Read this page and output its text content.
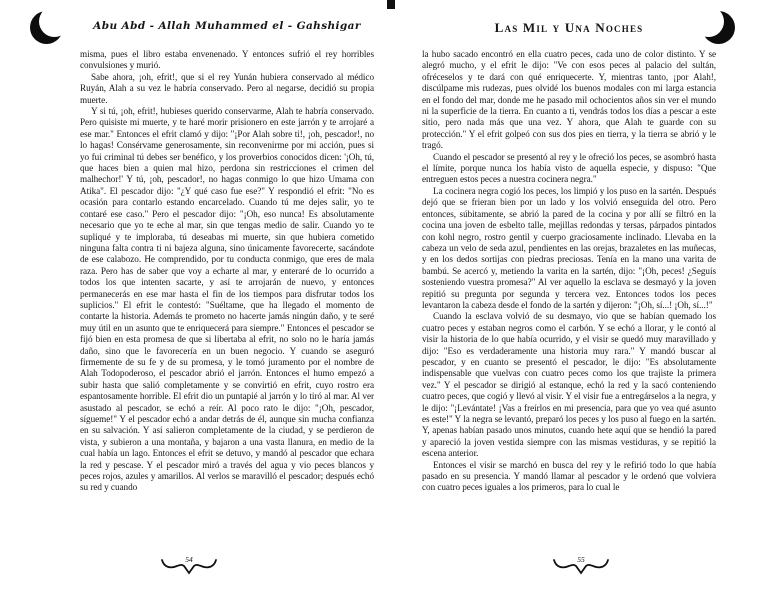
Abu Abd - Allah Muhammed el - Gahshigar

misma, pues el libro estaba envenenado. Y entonces sufrió el rey horribles convulsiones y murió.

Sabe ahora, ¡oh, efrit!, que si el rey Yunán hubiera conservado al médico Ruyán, Alah a su vez le habría conservado. Pero al negarse, decidió su propia muerte.

Y si tú, ¡oh, efrit!, hubieses querido conservarme, Alah te habría conservado. Pero quisiste mi muerte, y te haré morir prisionero en este jarrón y te arrojaré a ese mar." Entonces el efrit clamó y dijo: "¡Por Alah sobre ti!, ¡oh, pescador!, no lo hagas! Consérvame generosamente, sin reconvenirme por mi acción, pues si yo fui criminal tú debes ser benéfico, y los proverbios conocidos dicen: '¡Oh, tú, que haces bien a quien mal hizo, perdona sin restricciones el crimen del malhechor!' Y tú, ¡oh, pescador!, no hagas conmigo lo que hizo Umama con Atika". El pescador dijo: "¿Y qué caso fue ese?" Y respondió el efrit: "No es ocasión para contarlo estando encarcelado. Cuando tú me dejes salir, yo te contaré ese caso." Pero el pescador dijo: "¡Oh, eso nunca! Es absolutamente necesario que yo te eche al mar, sin que tengas medio de salir. Cuando yo te supliqué y te imploraba, tú deseabas mi muerte, sin que hubiera cometido ninguna falta contra ti ni bajeza alguna, sino únicamente favorecerte, sacándote de ese calabozo. He comprendido, por tu conducta conmigo, que eres de mala raza. Pero has de saber que voy a echarte al mar, y enteraré de lo ocurrido a todos los que intenten sacarte, y así te arrojarán de nuevo, y entonces permanecerás en ese mar hasta el fin de los tiempos para disfrutar todos los suplicios." El efrit le contestó: "Suéltame, que ha llegado el momento de contarte la historia. Además te prometo no hacerte jamás ningún daño, y te seré muy útil en un asunto que te enriquecerá para siempre." Entonces el pescador se fijó bien en esta promesa de que si libertaba al efrit, no solo no le haría jamás daño, sino que le favorecería en un buen negocio. Y cuando se aseguró firmemente de su fe y de su promesa, y le tomó juramento por el nombre de Alah Todopoderoso, el pescador abrió el jarrón. Entonces el humo empezó a subir hasta que salió completamente y se convirtió en efrit, cuyo rostro era espantosamente horrible. El efrit dio un puntapié al jarrón y lo tiró al mar. Al ver asustado al pescador, se echó a reír. Al poco rato le dijo: "¡Oh, pescador, sígueme!" Y el pescador echó a andar detrás de él, aunque sin mucha confianza en su salvación. Y así salieron completamente de la ciudad, y se perdieron de vista, y subieron a una montaña, y bajaron a una vasta llanura, en medio de la cual había un lago. Entonces el efrit se detuvo, y mandó al pescador que echara la red y pescase. Y el pescador miró a través del agua y vio peces blancos y peces rojos, azules y amarillos. Al verlos se maravilló el pescador; después echó su red y cuando

54
Las Mil y Una Noches

la hubo sacado encontró en ella cuatro peces, cada uno de color distinto. Y se alegró mucho, y el efrit le dijo: "Ve con esos peces al palacio del sultán, ofréceselos y te dará con qué enriquecerte. Y, mientras tanto, ¡por Alah!, discúlpame mis rudezas, pues olvidé los buenos modales con mi larga estancia en el fondo del mar, donde me he pasado mil ochocientos años sin ver el mundo ni la superficie de la tierra. En cuanto a ti, vendrás todos los días a pescar a este sitio, pero nada más que una vez. Y ahora, que Alah te guarde con su protección." Y el efrit golpeó con sus dos pies en tierra, y la tierra se abrió y le tragó.

Cuando el pescador se presentó al rey y le ofreció los peces, se asombró hasta el límite, porque nunca los había visto de aquella especie, y dispuso: "Que entreguen estos peces a nuestra cocinera negra."

La cocinera negra cogió los peces, los limpió y los puso en la sartén. Después dejó que se frieran bien por un lado y los volvió enseguida del otro. Pero entonces, súbitamente, se abrió la pared de la cocina y por allí se filtró en la cocina una joven de esbelto talle, mejillas redondas y tersas, párpados pintados con kohl negro, rostro gentil y cuerpo graciosamente inclinado. Llevaba en la cabeza un velo de seda azul, pendientes en las orejas, brazaletes en las muñecas, y en los dedos sortijas con piedras preciosas. Tenía en la mano una varita de bambú. Se acercó y, metiendo la varita en la sartén, dijo: "¡Oh, peces! ¿Seguís sosteniendo vuestra promesa?" Al ver aquello la esclava se desmayó y la joven repitió su pregunta por segunda y tercera vez. Entonces todos los peces levantaron la cabeza desde el fondo de la sartén y dijeron: "¡Oh, sí...! ¡Oh, sí...!"

Cuando la esclava volvió de su desmayo, vio que se habían quemado los cuatro peces y estaban negros como el carbón. Y se echó a llorar, y le contó al visir la historia de lo que había ocurrido, y el visir se quedó muy maravillado y dijo: "Eso es verdaderamente una historia muy rara." Y mandó buscar al pescador, y en cuanto se presentó el pescador, le dijo: "Es absolutamente indispensable que vuelvas con cuatro peces como los que trajiste la primera vez." Y el pescador se dirigió al estanque, echó la red y la sacó conteniendo cuatro peces, que cogió y llevó al visir. Y el visir fue a entregárselos a la negra, y le dijo: "¡Levántate! ¡Vas a freírlos en mi presencia, para que yo vea qué asunto es este!" Y la negra se levantó, preparó los peces y los puso al fuego en la sartén. Y, apenas habían pasado unos minutos, cuando hete aquí que se hendió la pared y apareció la joven vestida siempre con las mismas vestiduras, y se repitió la escena anterior.

Entonces el visir se marchó en busca del rey y le refirió todo lo que había pasado en su presencia. Y mandó llamar al pescador y le ordenó que volviera con cuatro peces iguales a los primeros, para lo cual le

55
